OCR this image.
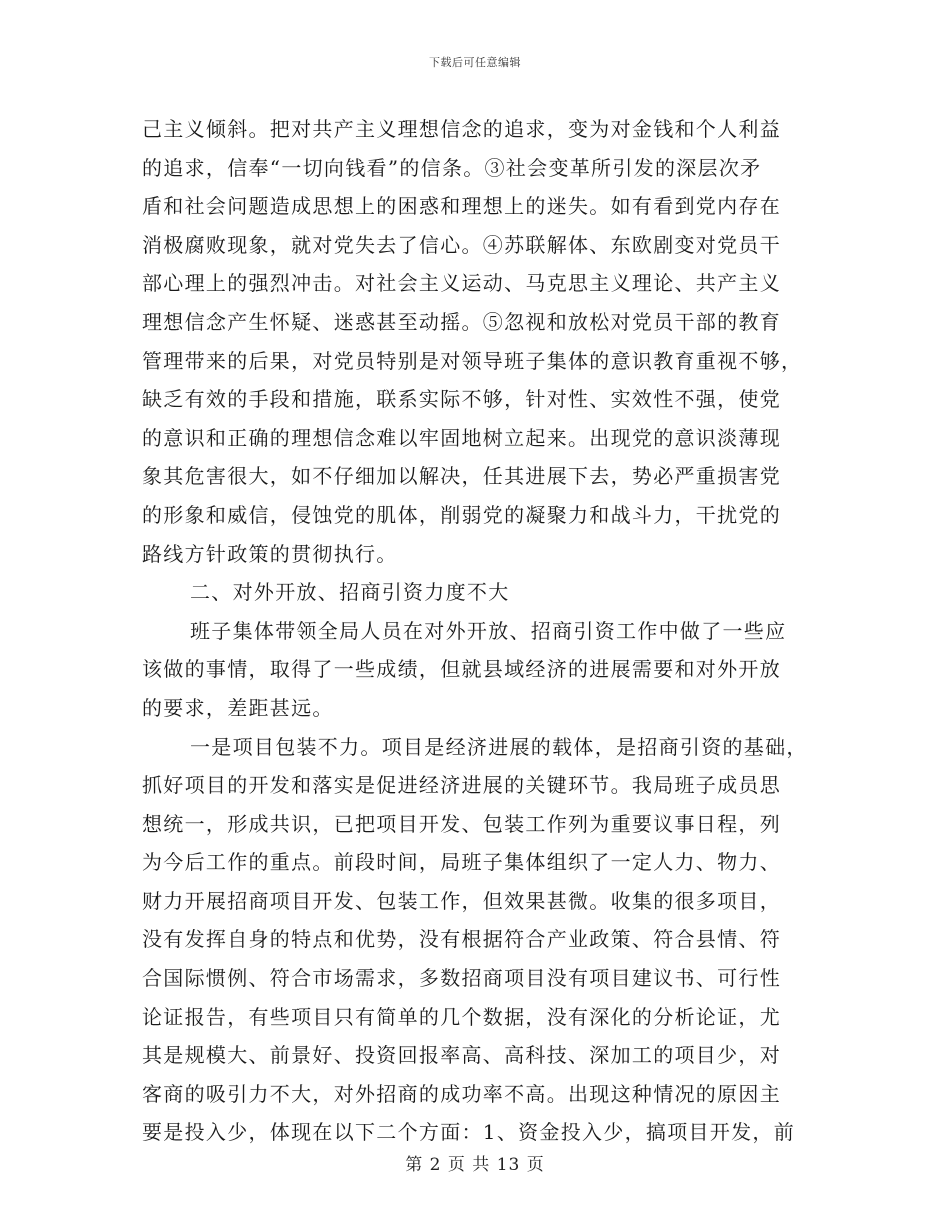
下载后可任意编辑
己主义倾斜。把对共产主义理想信念的追求，变为对金钱和个人利益
的追求，信奉“一切向钱看”的信条。③社会变革所引发的深层次矛
盾和社会问题造成思想上的困惑和理想上的迷失。如有看到党内存在
消极腐败现象，就对党失去了信心。④苏联解体、东欧剧变对党员干
部心理上的强烈冲击。对社会主义运动、马克思主义理论、共产主义
理想信念产生怀疑、迷惑甚至动摇。⑤忽视和放松对党员干部的教育
管理带来的后果，对党员特别是对领导班子集体的意识教育重视不够，
缺乏有效的手段和措施，联系实际不够，针对性、实效性不强，使党
的意识和正确的理想信念难以牢固地树立起来。出现党的意识淡薄现
象其危害很大，如不仔细加以解决，任其进展下去，势必严重损害党
的形象和威信，侵蚀党的肌体，削弱党的凝聚力和战斗力，干扰党的
路线方针政策的贯彻执行。
二、对外开放、招商引资力度不大
班子集体带领全局人员在对外开放、招商引资工作中做了一些应
该做的事情，取得了一些成绩，但就县域经济的进展需要和对外开放
的要求，差距甚远。
一是项目包装不力。项目是经济进展的载体，是招商引资的基础，
抓好项目的开发和落实是促进经济进展的关键环节。我局班子成员思
想统一，形成共识，已把项目开发、包装工作列为重要议事日程，列
为今后工作的重点。前段时间，局班子集体组织了一定人力、物力、
财力开展招商项目开发、包装工作，但效果甚微。收集的很多项目，
没有发挥自身的特点和优势，没有根据符合产业政策、符合县情、符
合国际惯例、符合市场需求，多数招商项目没有项目建议书、可行性
论证报告，有些项目只有简单的几个数据，没有深化的分析论证，尤
其是规模大、前景好、投资回报率高、高科技、深加工的项目少，对
客商的吸引力不大，对外招商的成功率不高。出现这种情况的原因主
要是投入少，体现在以下二个方面：1、资金投入少，搞项目开发，前
第 2 页 共 13 页
